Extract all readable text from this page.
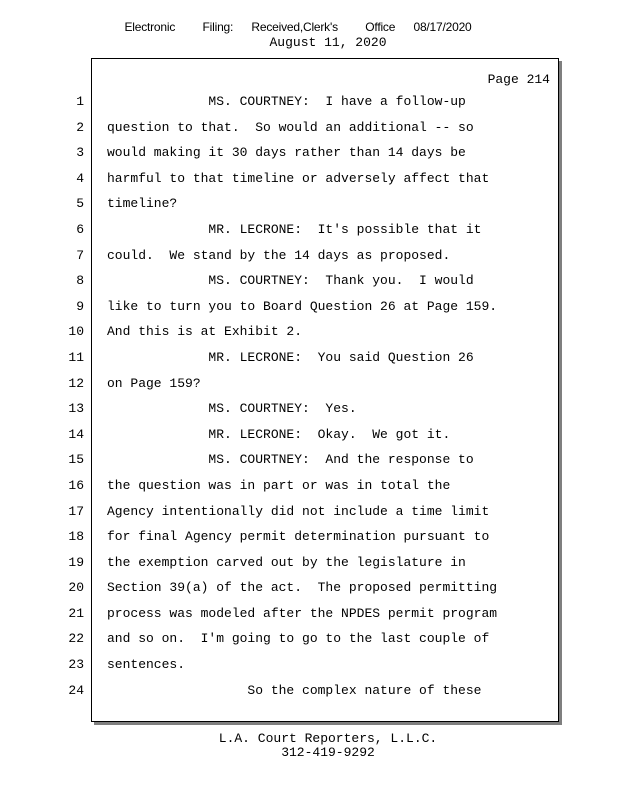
Electronic   Filing:  Received,Clerk's   Office  08/17/2020
August 11, 2020
Page 214
1 MS. COURTNEY:  I have a follow-up
2 question to that.  So would an additional -- so
3 would making it 30 days rather than 14 days be
4 harmful to that timeline or adversely affect that
5 timeline?
6 MR. LECRONE:  It's possible that it
7 could.  We stand by the 14 days as proposed.
8 MS. COURTNEY:  Thank you.  I would
9 like to turn you to Board Question 26 at Page 159.
10 And this is at Exhibit 2.
11 MR. LECRONE:  You said Question 26
12 on Page 159?
13 MS. COURTNEY:  Yes.
14 MR. LECRONE:  Okay.  We got it.
15 MS. COURTNEY:  And the response to
16 the question was in part or was in total the
17 Agency intentionally did not include a time limit
18 for final Agency permit determination pursuant to
19 the exemption carved out by the legislature in
20 Section 39(a) of the act.  The proposed permitting
21 process was modeled after the NPDES permit program
22 and so on.  I'm going to go to the last couple of
23 sentences.
24 So the complex nature of these
L.A. Court Reporters, L.L.C.
312-419-9292
